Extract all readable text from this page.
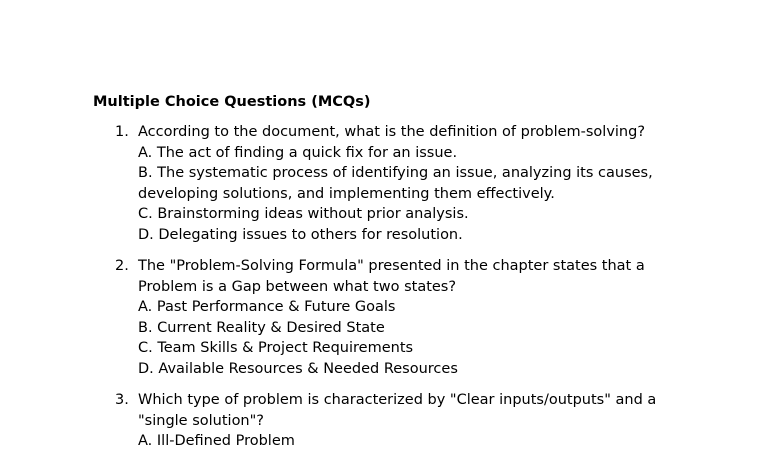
Multiple Choice Questions (MCQs)
1. According to the document, what is the definition of problem-solving?
A. The act of finding a quick fix for an issue.
B. The systematic process of identifying an issue, analyzing its causes,
developing solutions, and implementing them effectively.
C. Brainstorming ideas without prior analysis.
D. Delegating issues to others for resolution.
2. The "Problem-Solving Formula" presented in the chapter states that a
Problem is a Gap between what two states?
A. Past Performance & Future Goals
B. Current Reality & Desired State
C. Team Skills & Project Requirements
D. Available Resources & Needed Resources
3. Which type of problem is characterized by "Clear inputs/outputs" and a
"single solution"?
A. Ill-Defined Problem
